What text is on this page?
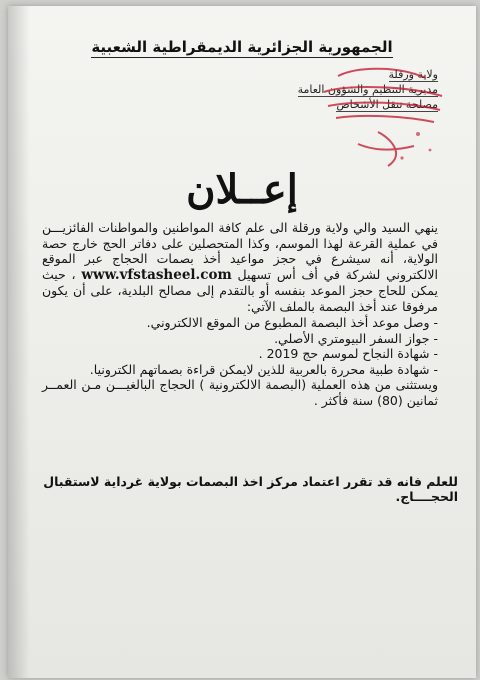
الجمهورية الجزائرية الديمقراطية الشعبية
ولاية ورقلة
مديرية التنظيم والشؤون العامة
مصلحة تنقل الأشخاص
إعــلان

ينهي السيد والي ولاية ورقلة الى علم كافة المواطنين والمواطنات الفائزيـــن في عملية القرعة لهذا الموسم، وكذا المتحصلين على دفاتر الحج خارج حصة الولاية، أنه سيشرع في حجز مواعيد أخذ بصمات الحجاج عبر الموقع الالكتروني لشركة في أف أس تسهيل www.vfstasheel.com ، حيث يمكن للحاج حجز الموعد بنفسه أو بالتقدم إلى مصالح البلدية، على أن يكون مرفوقا عند أخذ البصمة بالملف الآتي:

- وصل موعد أخذ البصمة المطبوع من الموقع الالكتروني.

- جواز السفر البيومتري الأصلي.

- شهادة النجاح لموسم حج 2019 .

- شهادة طبية محررة بالعربية للذين لايمكن قراءة بصماتهم الكترونيا.

ويستثنى من هذه العملية (البصمة الالكترونية ) الحجاج البالغيـــن مـن العمــر ثمانين (80) سنة فأكثر .

للعلم فانه قد تقرر اعتماد مركز اخذ البصمات بولاية غرداية لاستقبال الحجــــاج.
